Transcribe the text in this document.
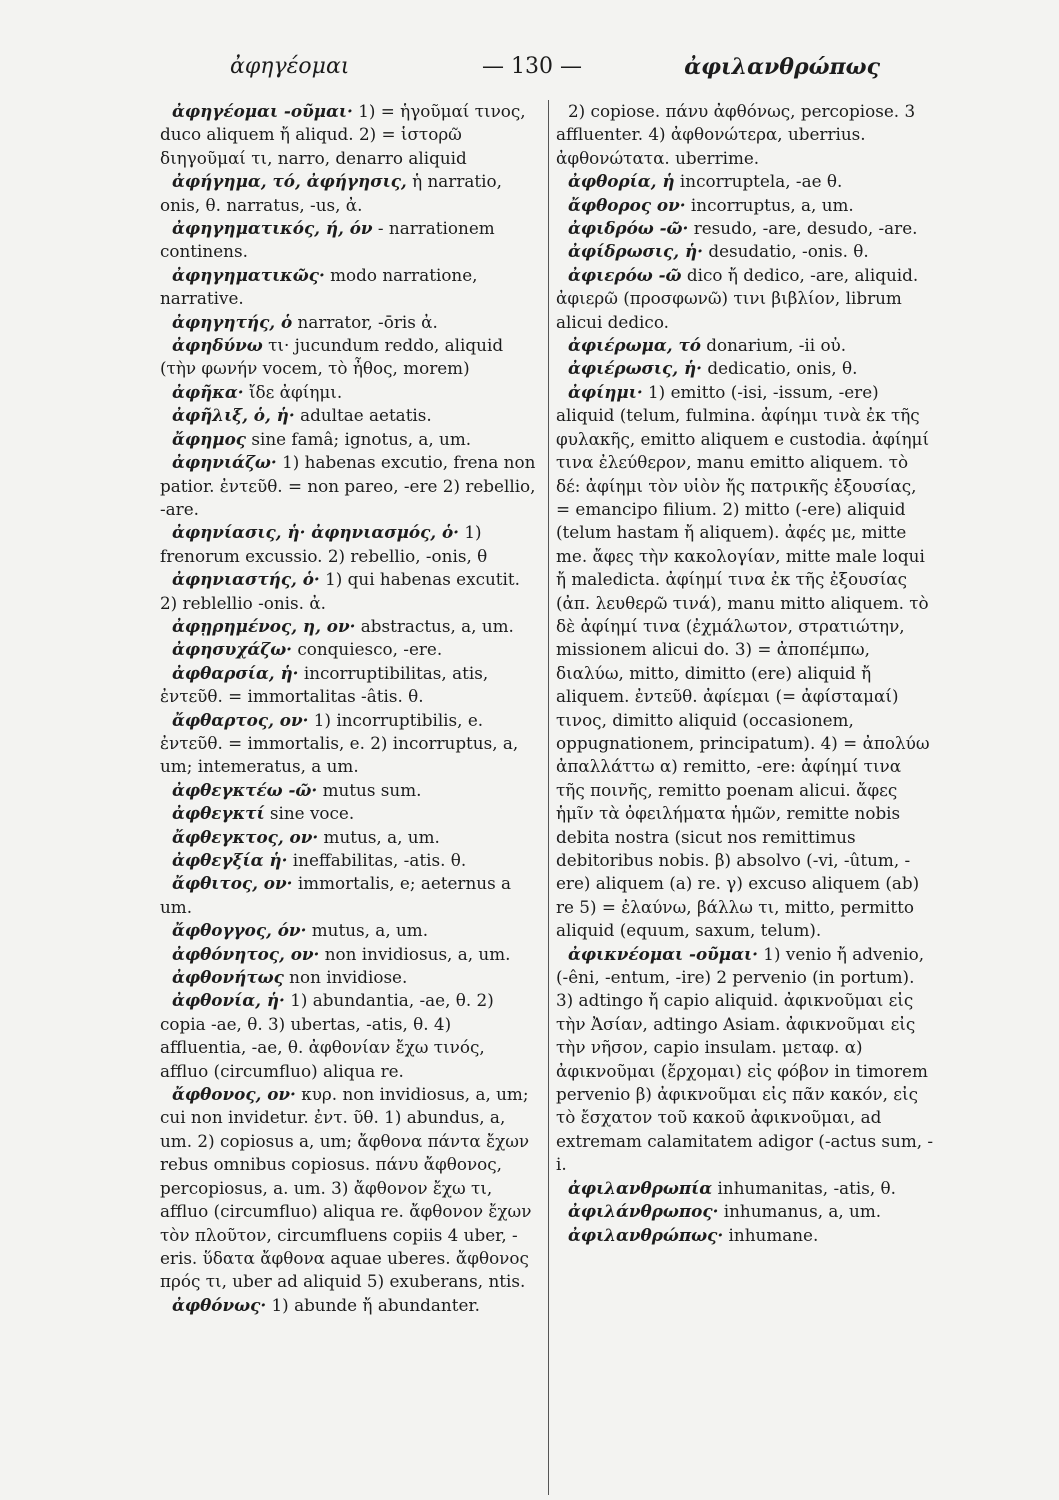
ἀφηγέομαι	— 130 —	ἀφιλανθρώπως

ἀφηγέομαι -οῦμαι· 1) = ἡγοῦμαί τινος, duco aliquem ἤ aliqud. 2) = ἱστορῶ διηγοῦμαί τι, narro, denarro aliquid

ἀφήγημα, τό, ἀφήγησις, ἡ narratio, onis, θ. narratus, -us, ἀ.

ἀφηγηματικός, ή, όν - narrationem continens.

ἀφηγηματικῶς· modo narratione, narrative.

ἀφηγητής, ὁ narrator, -ōris ἀ.

ἀφηδύνω τι· jucundum reddo, aliquid (τὴν φωνήν vocem, τὸ ἦθος, morem)

ἀφῆκα· ἴδε ἀφίημι.

ἀφῆλιξ, ὁ, ἡ· adultae aetatis.

ἄφημος sine famâ; ignotus, a, um.

ἀφηνιάζω· 1) habenas excutio, frena non patior. ἐντεῦθ. = non pareo, -ere 2) rebellio, -are.

ἀφηνίασις, ἡ· ἀφηνιασμός, ὁ· 1) frenorum excussio. 2) rebellio, -onis, θ

ἀφηνιαστής, ὁ· 1) qui habenas excutit. 2) reblellio -onis. ἀ.

ἀφῃρημένος, η, ον· abstractus, a, um.

ἀφησυχάζω· conquiesco, -ere.

ἀφθαρσία, ἡ· incorruptibilitas, atis, ἐντεῦθ. = immortalitas -âtis. θ.

ἄφθαρτος, ον· 1) incorruptibilis, e. ἐντεῦθ. = immortalis, e. 2) incorruptus, a, um; intemeratus, a um.

ἀφθεγκτέω -ῶ· mutus sum.

ἀφθεγκτί sine voce.

ἄφθεγκτος, ον· mutus, a, um.

ἀφθεγξία ἡ· ineffabilitas, -atis. θ.

ἄφθιτος, ον· immortalis, e; aeternus a um.

ἄφθογγος, όν· mutus, a, um.

ἀφθόνητος, ον· non invidiosus, a, um.

ἀφθονήτως non invidiose.

ἀφθονία, ἡ· 1) abundantia, -ae, θ. 2) copia -ae, θ. 3) ubertas, -atis, θ. 4) affluentia, -ae, θ. ἀφθονίαν ἔχω τινός, affluo (circumfluo) aliqua re.

ἄφθονος, ον· κυρ. non invidiosus, a, um; cui non invidetur. ἐντ. ῦθ. 1) abundus, a, um. 2) copiosus a, um; ἄφθονα πάντα ἔχων rebus omnibus copiosus. πάνυ ἄφθονος, percopiosus, a. um. 3) ἄφθονον ἔχω τι, affluo (circumfluo) aliqua re. ἄφθονον ἔχων τὸν πλοῦτον, circumfluens copiis 4 uber, -eris. ὕδατα ἄφθονα aquae uberes. ἄφθονος πρός τι, uber ad aliquid 5) exuberans, ntis.

ἀφθόνως· 1) abunde ἤ abundanter.

2) copiose. πάνυ ἀφθόνως, percopiose. 3 affluenter. 4) ἀφθονώτερα, uberrius. ἀφθονώτατα. uberrime.

ἀφθορία, ἡ incorruptela, -ae θ.

ἄφθορος ον· incorruptus, a, um.

ἀφιδρόω -ῶ· resudo, -are, desudo, -are.

ἀφίδρωσις, ἡ· desudatio, -onis. θ.

ἀφιερόω -ῶ dico ἤ dedico, -are, aliquid. ἀφιερῶ (προσφωνῶ) τινι βιβλίον, librum alicui dedico.

ἀφιέρωμα, τό donarium, -ii οὐ.

ἀφιέρωσις, ἡ· dedicatio, onis, θ.

ἀφίημι· 1) emitto (-isi, -issum, -ere) aliquid (telum, fulmina. ἀφίημι τινὰ ἐκ τῆς φυλακῆς, emitto aliquem e custodia. ἀφίημί τινα ἐλεύθερον, manu emitto aliquem. τὸ δέ: ἀφίημι τὸν υἱὸν ἤς πατρικῆς ἐξουσίας, = emancipo filium. 2) mitto (-ere) aliquid (telum hastam ἤ aliquem). ἀφές με, mitte me. ἄφες τὴν κακολογίαν, mitte male loqui ἤ maledicta. ἀφίημί τινα ἐκ τῆς ἐξουσίας (ἀπ. λευθερῶ τινά), manu mitto aliquem. τὸ δὲ ἀφίημί τινα (ἐχμάλωτον, στρατιώτην, missionem alicui do. 3) = ἀποπέμπω, διαλύω, mitto, dimitto (ere) aliquid ἤ aliquem. ἐντεῦθ. ἀφίεμαι (= ἀφίσταμαί) τινος, dimitto aliquid (occasionem, oppugnationem, principatum). 4) = ἀπολύω ἀπαλλάττω α) remitto, -ere: ἀφίημί τινα τῆς ποινῆς, remitto poenam alicui. ἄφες ἡμῖν τὰ ὀφειλήματα ἡμῶν, remitte nobis debita nostra (sicut nos remittimus debitoribus nobis. β) absolvo (-vi, -ûtum, -ere) aliquem (a) re. γ) excuso aliquem (ab) re 5) = ἐλαύνω, βάλλω τι, mitto, permitto aliquid (equum, saxum, telum).

ἀφικνέομαι -οῦμαι· 1) venio ἤ advenio, (-êni, -entum, -ire) 2 pervenio (in portum). 3) adtingo ἤ capio aliquid. ἀφικνοῦμαι εἰς τὴν Ἀσίαν, adtingo Asiam. ἀφικνοῦμαι εἰς τὴν νῆσον, capio insulam. μεταφ. α) ἀφικνοῦμαι (ἔρχομαι) εἰς φόβον in timorem pervenio β) ἀφικνοῦμαι εἰς πᾶν κακόν, εἰς τὸ ἔσχατον τοῦ κακοῦ ἀφικνοῦμαι, ad extremam calamitatem adigor (-actus sum, -i.

ἀφιλανθρωπία inhumanitas, -atis, θ.

ἀφιλάνθρωπος· inhumanus, a, um.

ἀφιλανθρώπως· inhumane.
